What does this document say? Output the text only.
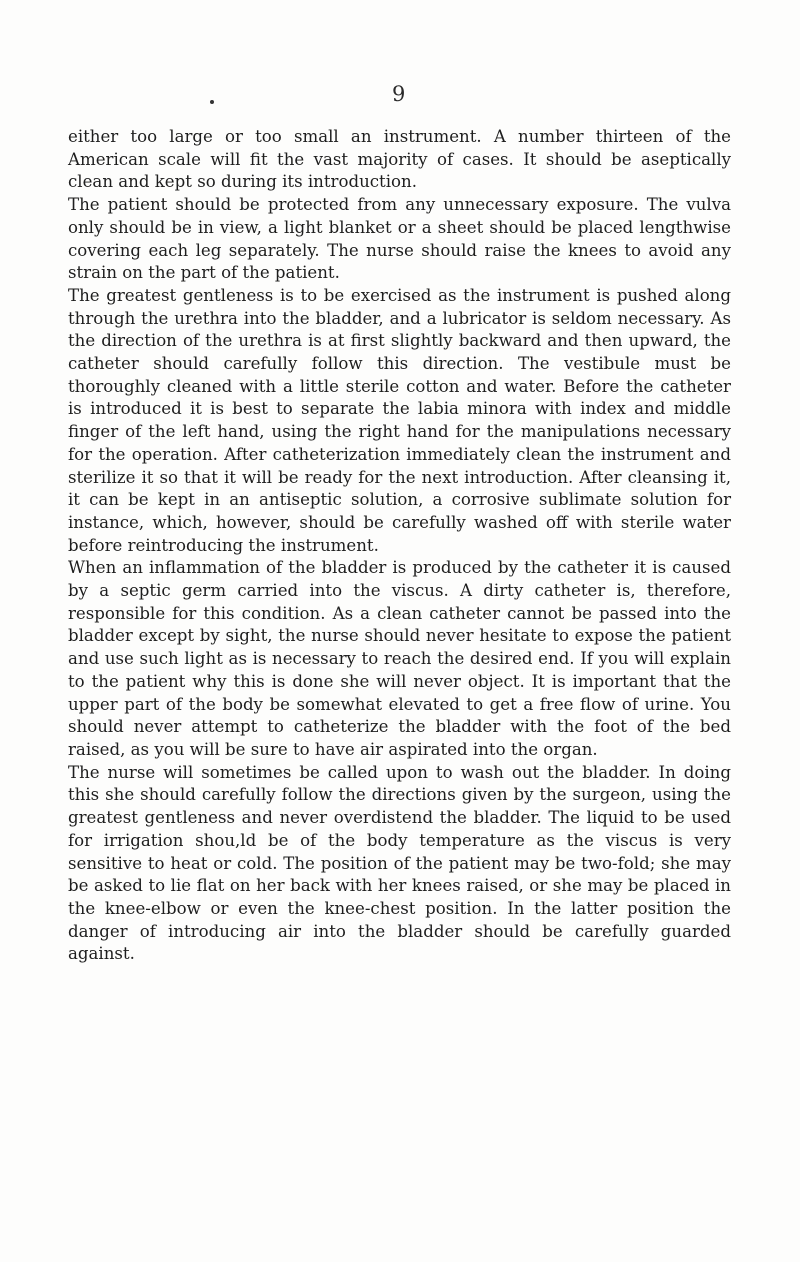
9

either too large or too small an instrument. A number thirteen of the American scale will fit the vast majority of cases. It should be aseptically clean and kept so during its introduction.

The patient should be protected from any unnecessary exposure. The vulva only should be in view, a light blanket or a sheet should be placed lengthwise covering each leg separately. The nurse should raise the knees to avoid any strain on the part of the patient.

The greatest gentleness is to be exercised as the instrument is pushed along through the urethra into the bladder, and a lubricator is seldom necessary. As the direction of the urethra is at first slightly backward and then upward, the catheter should carefully follow this direction. The vestibule must be thoroughly cleaned with a little sterile cotton and water. Before the catheter is introduced it is best to separate the labia minora with index and middle finger of the left hand, using the right hand for the manipulations necessary for the operation. After catheterization immediately clean the instrument and sterilize it so that it will be ready for the next introduction. After cleansing it, it can be kept in an antiseptic solution, a corrosive sublimate solution for instance, which, however, should be carefully washed off with sterile water before reintroducing the instrument.

When an inflammation of the bladder is produced by the catheter it is caused by a septic germ carried into the viscus. A dirty catheter is, therefore, responsible for this condition. As a clean catheter cannot be passed into the bladder except by sight, the nurse should never hesitate to expose the patient and use such light as is necessary to reach the desired end. If you will explain to the patient why this is done she will never object. It is important that the upper part of the body be somewhat elevated to get a free flow of urine. You should never attempt to catheterize the bladder with the foot of the bed raised, as you will be sure to have air aspirated into the organ.

The nurse will sometimes be called upon to wash out the bladder. In doing this she should carefully follow the directions given by the surgeon, using the greatest gentleness and never overdistend the bladder. The liquid to be used for irrigation shou,ld be of the body temperature as the viscus is very sensitive to heat or cold. The position of the patient may be two-fold; she may be asked to lie flat on her back with her knees raised, or she may be placed in the knee-elbow or even the knee-chest position. In the latter position the danger of introducing air into the bladder should be carefully guarded against.
